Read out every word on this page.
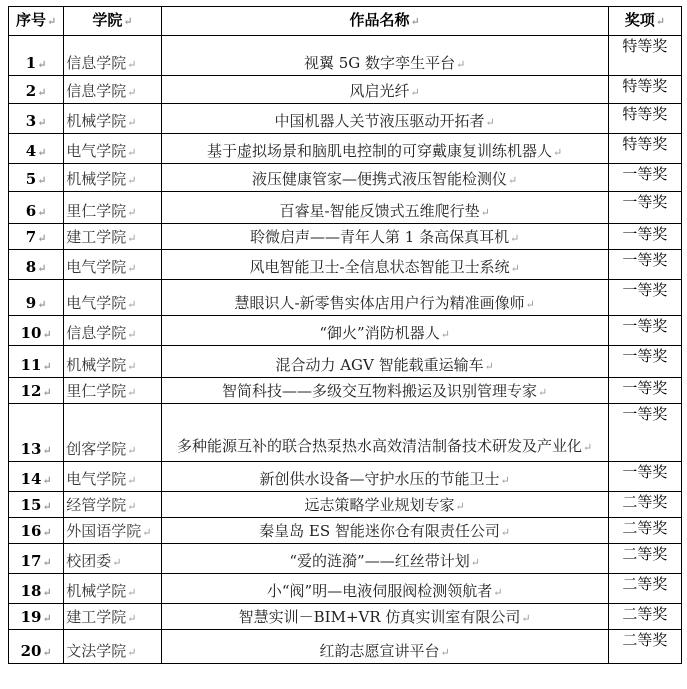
序号↵	学院↵	作品名称↵	奖项↵
1↵	信息学院↵	视翼 5G 数字孪生平台↵	特等奖
2↵	信息学院↵	风启光纤↵	特等奖
3↵	机械学院↵	中国机器人关节液压驱动开拓者↵	特等奖
4↵	电气学院↵	基于虚拟场景和脑肌电控制的可穿戴康复训练机器人↵	特等奖
5↵	机械学院↵	液压健康管家—便携式液压智能检测仪↵	一等奖
6↵	里仁学院↵	百睿星-智能反馈式五维爬行垫↵	一等奖
7↵	建工学院↵	聆微启声——青年人第 1 条高保真耳机↵	一等奖
8↵	电气学院↵	风电智能卫士-全信息状态智能卫士系统↵	一等奖
9↵	电气学院↵	慧眼识人-新零售实体店用户行为精准画像师↵	一等奖
10↵	信息学院↵	“御火”消防机器人↵	一等奖
11↵	机械学院↵	混合动力 AGV 智能载重运输车↵	一等奖
12↵	里仁学院↵	智简科技——多级交互物料搬运及识别管理专家↵	一等奖
13↵	创客学院↵	多种能源互补的联合热泵热水高效清洁制备技术研发及产业化↵	一等奖
14↵	电气学院↵	新创供水设备—守护水压的节能卫士↵	一等奖
15↵	经管学院↵	远志策略学业规划专家↵	二等奖
16↵	外国语学院↵	秦皇岛 ES 智能迷你仓有限责任公司↵	二等奖
17↵	校团委↵	“爱的涟漪”——红丝带计划↵	二等奖
18↵	机械学院↵	小“阀”明—电液伺服阀检测领航者↵	二等奖
19↵	建工学院↵	智慧实训－BIM+VR 仿真实训室有限公司↵	二等奖
20↵	文法学院↵	红韵志愿宣讲平台↵	二等奖
